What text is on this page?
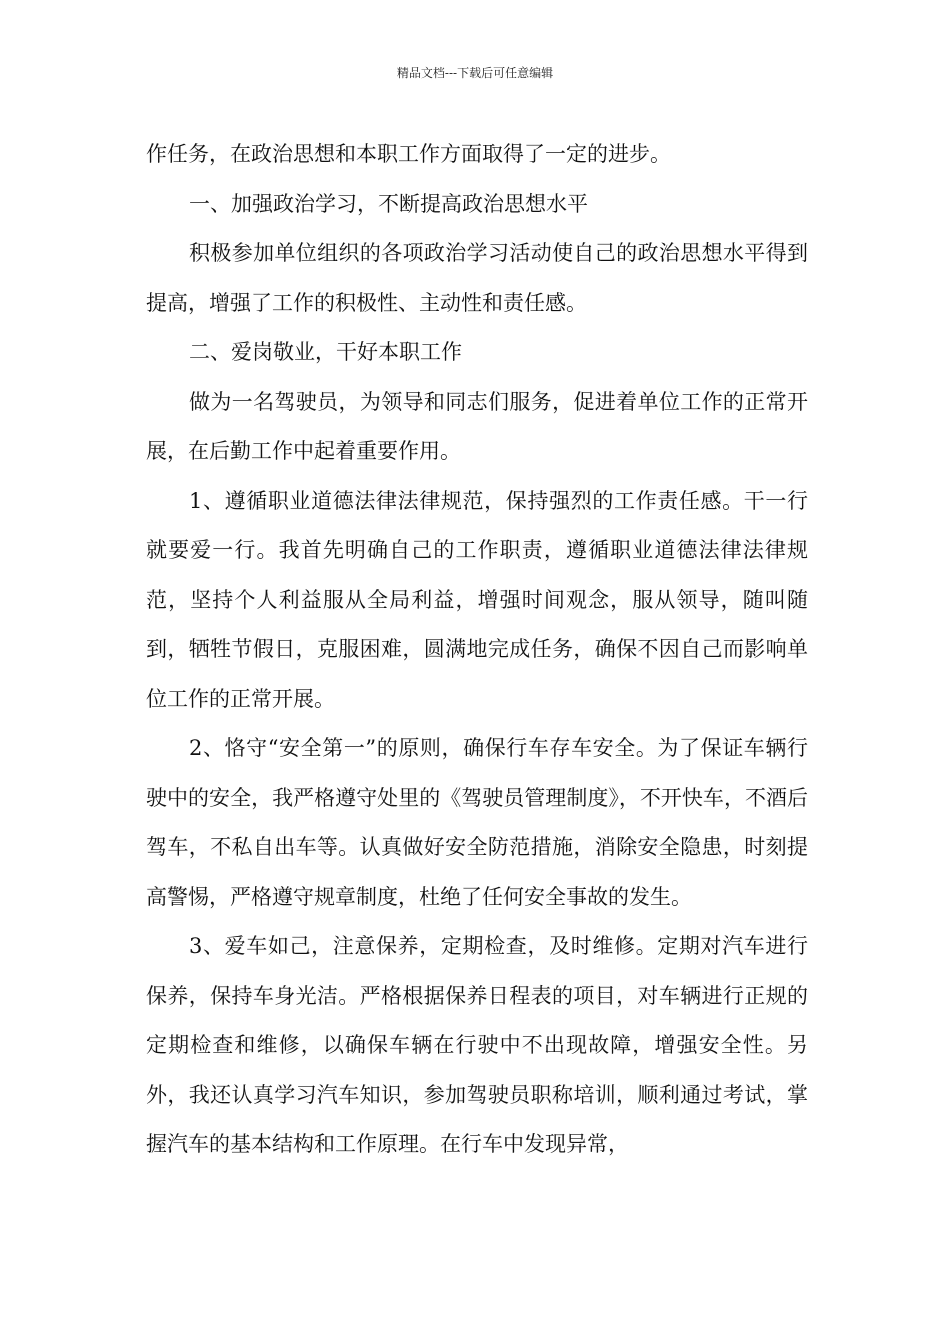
精品文档---下载后可任意编辑

作任务，在政治思想和本职工作方面取得了一定的进步。

一、加强政治学习，不断提高政治思想水平

积极参加单位组织的各项政治学习活动使自己的政治思想水平得到提高，增强了工作的积极性、主动性和责任感。

二、爱岗敬业，干好本职工作

做为一名驾驶员，为领导和同志们服务，促进着单位工作的正常开展，在后勤工作中起着重要作用。

1、遵循职业道德法律法律规范，保持强烈的工作责任感。干一行就要爱一行。我首先明确自己的工作职责，遵循职业道德法律法律规范，坚持个人利益服从全局利益，增强时间观念，服从领导，随叫随到，牺牲节假日，克服困难，圆满地完成任务，确保不因自己而影响单位工作的正常开展。

2、恪守“安全第一”的原则，确保行车存车安全。为了保证车辆行驶中的安全，我严格遵守处里的《驾驶员管理制度》，不开快车，不酒后驾车，不私自出车等。认真做好安全防范措施，消除安全隐患，时刻提高警惕，严格遵守规章制度，杜绝了任何安全事故的发生。

3、爱车如己，注意保养，定期检查，及时维修。定期对汽车进行保养，保持车身光洁。严格根据保养日程表的项目，对车辆进行正规的定期检查和维修，以确保车辆在行驶中不出现故障，增强安全性。另外，我还认真学习汽车知识，参加驾驶员职称培训，顺利通过考试，掌握汽车的基本结构和工作原理。在行车中发现异常，
